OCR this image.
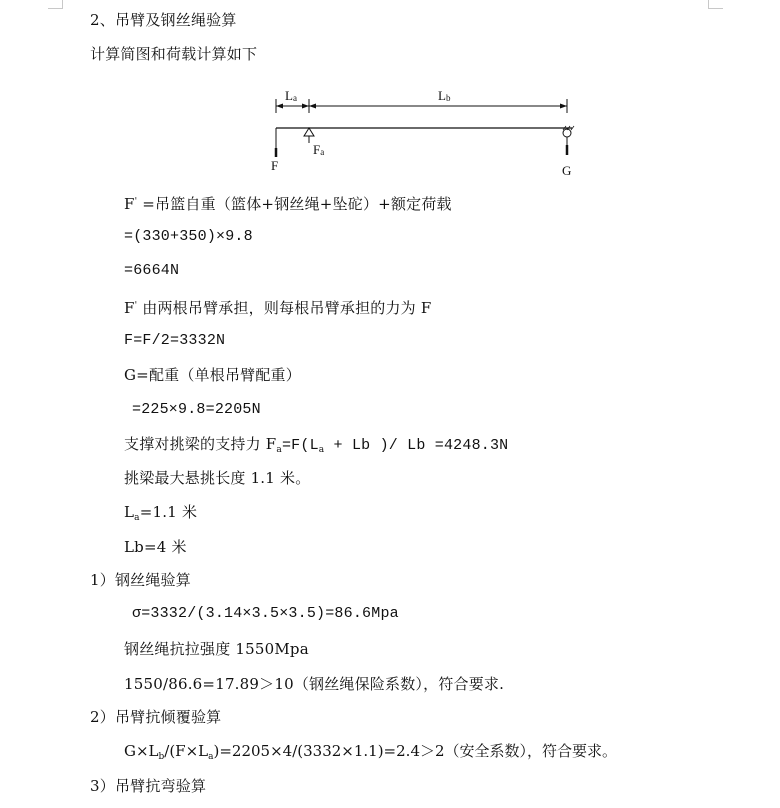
2、吊臂及钢丝绳验算
计算简图和荷载计算如下
La	Lb
F
Fa
G
F' =吊篮自重（篮体+钢丝绳+坠砣）+额定荷载
=(330+350)×9.8
=6664N
F' 由两根吊臂承担，则每根吊臂承担的力为 F
F=F/2=3332N
G=配重（单根吊臂配重）
=225×9.8=2205N
支撑对挑梁的支持力 $F_a=F(L_a + Lb$ )/ Lb =4248.3N
挑梁最大悬挑长度 1.1 米。
$L_a=1.1$ 米
Lb=4 米
1）钢丝绳验算
σ=3332/(3.14×3.5×3.5)=86.6Mpa
钢丝绳抗拉强度 1550Mpa
1550/86.6=17.89＞10（钢丝绳保险系数），符合要求.
2）吊臂抗倾覆验算
$G\times L_b/(F\times L_a)=2205\times 4/(3332\times 1.1)=2.4>2$（安全系数），符合要求。
3）吊臂抗弯验算
